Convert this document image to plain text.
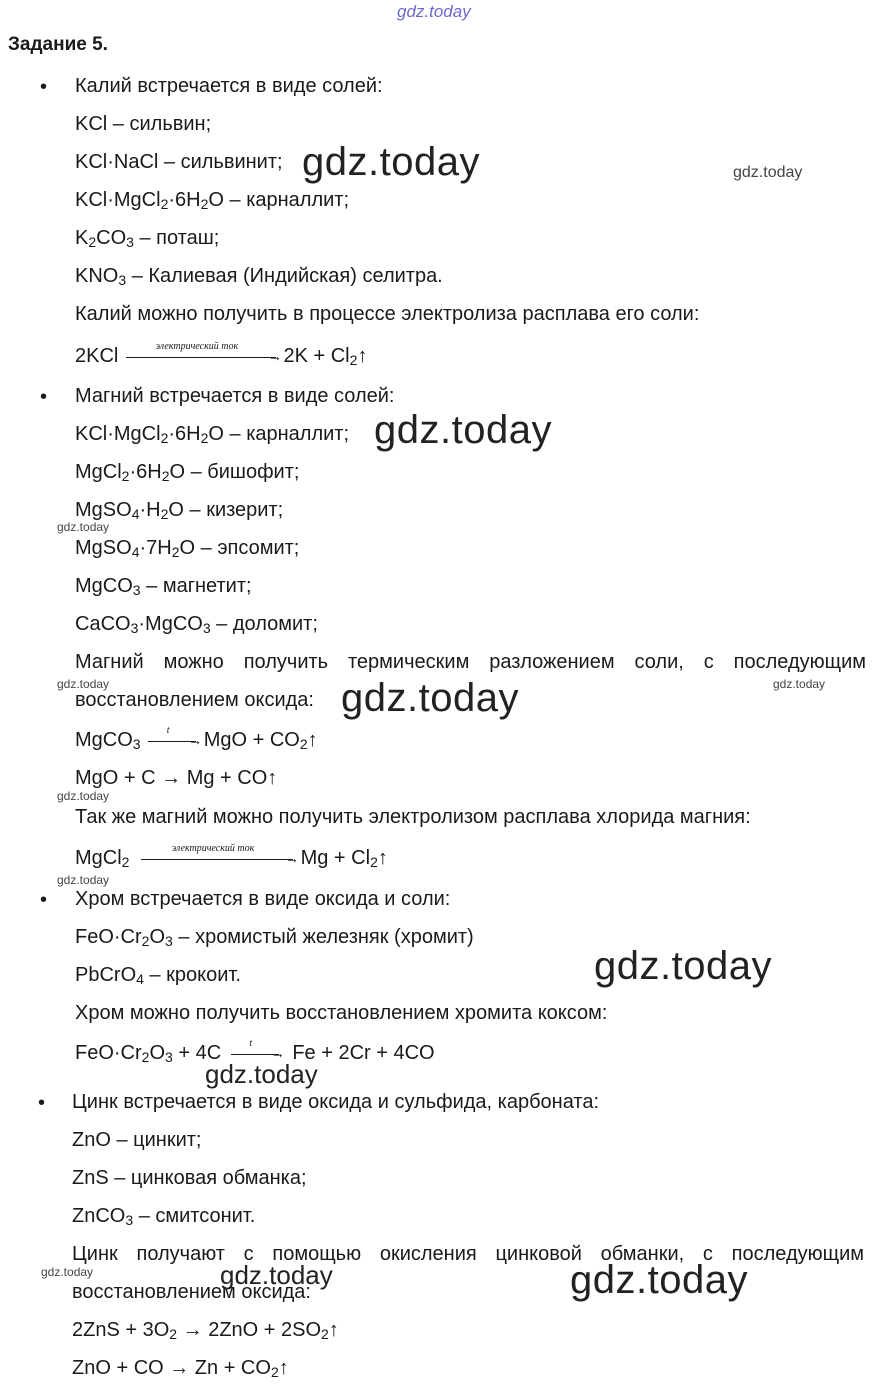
gdz.today
Задание 5.
• Калий встречается в виде солей:
KCl – сильвин;
KCl·NaCl – сильвинит;
$KCl\cdot MgCl_2\cdot 6H_2O$ – карналлит;
$K_2CO_3$ – поташ;
$KNO_3$ – Калиевая (Индийская) селитра.
Калий можно получить в процессе электролиза расплава его соли:
2KCl	электрический ток
→ $2K + Cl_2↑$
• Магний встречается в виде солей:
$KCl\cdot MgCl_2\cdot 6H_2O$ – карналлит;
$MgCl_2\cdot 6H_2O$ – бишофит;
$MgSO_4\cdot H_2O$ – кизерит;
$MgSO_4\cdot 7H_2O$ – эпсомит;
MgCO$_3$ – магнетит;
CaCO$_3$·MgCO$_3$ – доломит;
Магний можно получить термическим разложением соли, с последующим
восстановлением оксида:
MgCO$_3$
t
→ MgO + $CO_2↑$
MgO + C → Mg + CO↑
Так же магний можно получить электролизом расплава хлорида магния:
MgCl$_2$
электрический ток
→ $Mg + Cl_2↑$
• Хром встречается в виде оксида и соли:
$FeO\cdot Cr_2O_3$ – хромистый железняк (хромит)
PbCrO$_4$ – крокоит.
Хром можно получить восстановлением хромита коксом:
$FeO\cdot Cr_2O_3 + 4C$	t
→ Fe + 2Cr + 4CO
• Цинк встречается в виде оксида и сульфида, карбоната:
ZnO – цинкит;
ZnS – цинковая обманка;
ZnCO$_3$ – смитсонит.
Цинк получают с помощью окисления цинковой обманки, с последующим
восстановлением оксида:
$2ZnS + 3O_2 \to 2ZnO$ + $2SO_2↑$
ZnO + CO → $Zn + CO_2↑$
gdz.today	gdz.today
gdz.today
gdz.today
gdz.today	gdz.today
gdz.today
gdz.today
gdz.today
gdz.today
gdz.today
gdz.today	gdz.today	gdz.today
